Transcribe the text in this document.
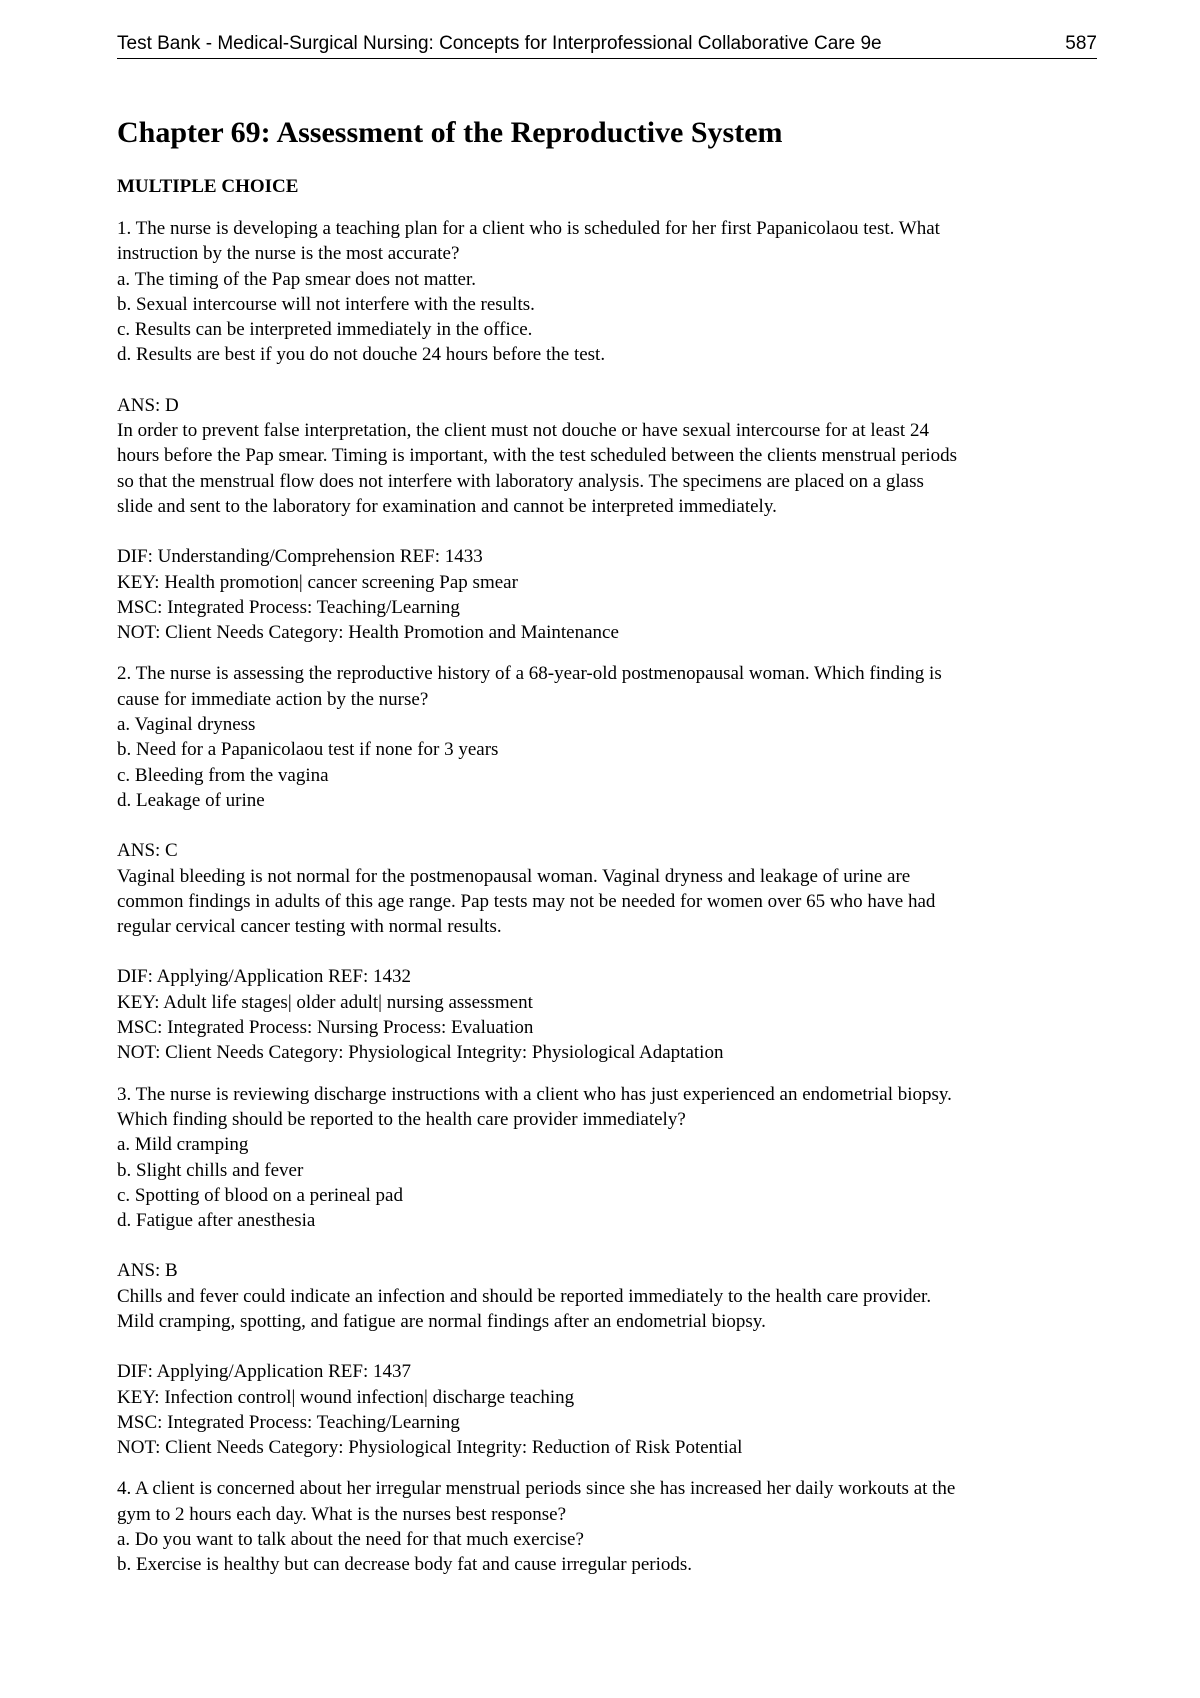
Test Bank - Medical-Surgical Nursing: Concepts for Interprofessional Collaborative Care 9e	587
Chapter 69: Assessment of the Reproductive System

MULTIPLE CHOICE

1. The nurse is developing a teaching plan for a client who is scheduled for her first Papanicolaou test. What

instruction by the nurse is the most accurate?

a. The timing of the Pap smear does not matter.

b. Sexual intercourse will not interfere with the results.

c. Results can be interpreted immediately in the office.

d. Results are best if you do not douche 24 hours before the test.

ANS: D

In order to prevent false interpretation, the client must not douche or have sexual intercourse for at least 24

hours before the Pap smear. Timing is important, with the test scheduled between the clients menstrual periods

so that the menstrual flow does not interfere with laboratory analysis. The specimens are placed on a glass

slide and sent to the laboratory for examination and cannot be interpreted immediately.

DIF: Understanding/Comprehension REF: 1433

KEY: Health promotion| cancer screening Pap smear

MSC: Integrated Process: Teaching/Learning

NOT: Client Needs Category: Health Promotion and Maintenance

2. The nurse is assessing the reproductive history of a 68-year-old postmenopausal woman. Which finding is

cause for immediate action by the nurse?

a. Vaginal dryness

b. Need for a Papanicolaou test if none for 3 years

c. Bleeding from the vagina

d. Leakage of urine

ANS: C

Vaginal bleeding is not normal for the postmenopausal woman. Vaginal dryness and leakage of urine are

common findings in adults of this age range. Pap tests may not be needed for women over 65 who have had

regular cervical cancer testing with normal results.

DIF: Applying/Application REF: 1432

KEY: Adult life stages| older adult| nursing assessment

MSC: Integrated Process: Nursing Process: Evaluation

NOT: Client Needs Category: Physiological Integrity: Physiological Adaptation

3. The nurse is reviewing discharge instructions with a client who has just experienced an endometrial biopsy.

Which finding should be reported to the health care provider immediately?

a. Mild cramping

b. Slight chills and fever

c. Spotting of blood on a perineal pad

d. Fatigue after anesthesia

ANS: B

Chills and fever could indicate an infection and should be reported immediately to the health care provider.

Mild cramping, spotting, and fatigue are normal findings after an endometrial biopsy.

DIF: Applying/Application REF: 1437

KEY: Infection control| wound infection| discharge teaching

MSC: Integrated Process: Teaching/Learning

NOT: Client Needs Category: Physiological Integrity: Reduction of Risk Potential

4. A client is concerned about her irregular menstrual periods since she has increased her daily workouts at the

gym to 2 hours each day. What is the nurses best response?

a. Do you want to talk about the need for that much exercise?

b. Exercise is healthy but can decrease body fat and cause irregular periods.
